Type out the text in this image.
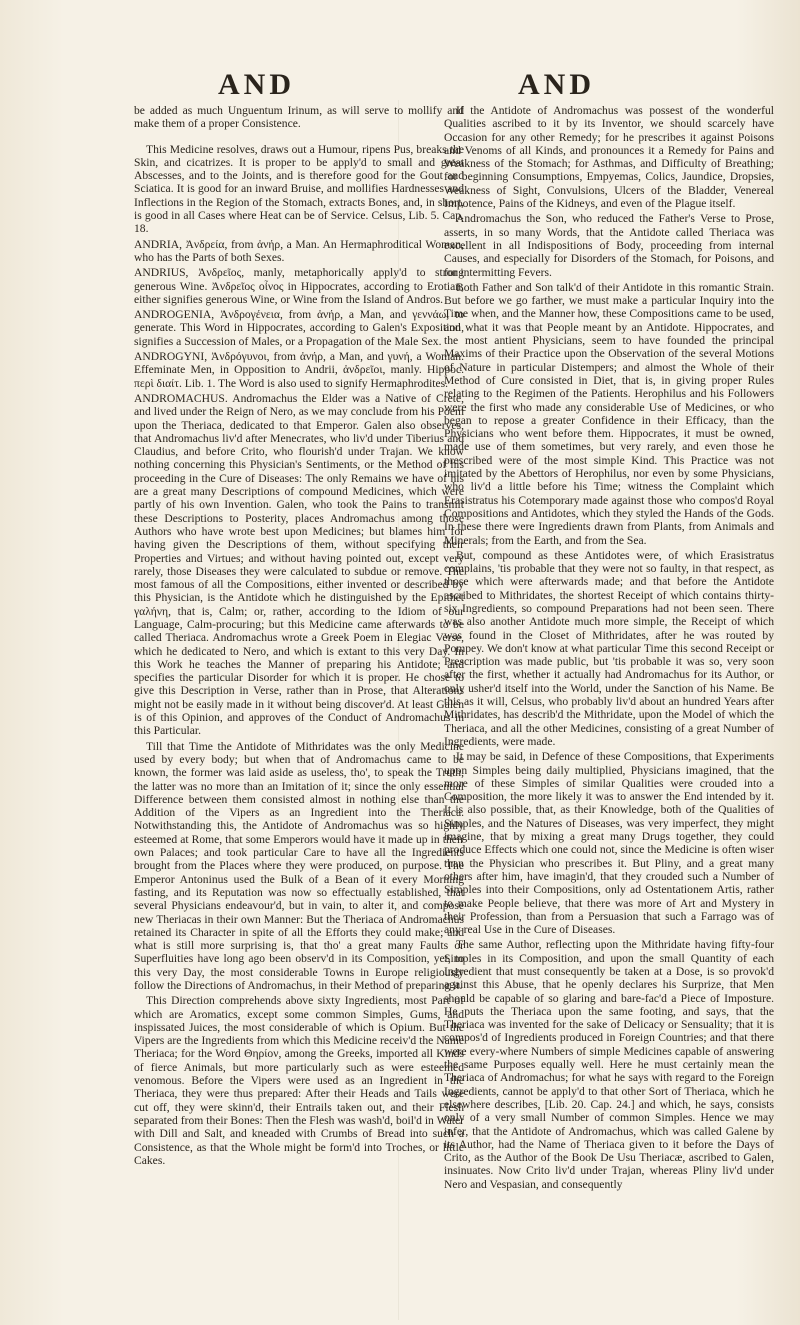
AND	AND

be added as much Unguentum Irinum, as will serve to mollify and make them of a proper Consistence.

This Medicine resolves, draws out a Humour, ripens Pus, breaks the Skin, and cicatrizes. It is proper to be apply'd to small and great Abscesses, and to the Joints, and is therefore good for the Gout and Sciatica. It is good for an inward Bruise, and mollifies Hardnesses and Inflections in the Region of the Stomach, extracts Bones, and, in short, is good in all Cases where Heat can be of Service. Celsus, Lib. 5. Cap. 18.

ANDRIA, Ἀνδρεία, from ἀνήρ, a Man. An Hermaphroditical Woman, who has the Parts of both Sexes.

ANDRIUS, Ἀνδρεῖος, manly, metaphorically apply'd to strong generous Wine. Ἀνδρεῖος οἶνος in Hippocrates, according to Erotian, either signifies generous Wine, or Wine from the Island of Andros.

ANDROGENIA, Ἀνδρογένεια, from ἀνήρ, a Man, and γεννάω, to generate. This Word in Hippocrates, according to Galen's Exposition, signifies a Succession of Males, or a Propagation of the Male Sex.

ANDROGYNI, Ἀνδρόγυνοι, from ἀνήρ, a Man, and γυνή, a Woman. Effeminate Men, in Opposition to Andrii, ἀνδρεῖοι, manly. Hippoc. περὶ διαίτ. Lib. 1. The Word is also used to signify Hermaphrodites.

ANDROMACHUS. Andromachus the Elder was a Native of Crete, and lived under the Reign of Nero, as we may conclude from his Poem upon the Theriaca, dedicated to that Emperor. Galen also observes, that Andromachus liv'd after Menecrates, who liv'd under Tiberius and Claudius, and before Crito, who flourish'd under Trajan. We know nothing concerning this Physician's Sentiments, or the Method of his proceeding in the Cure of Diseases: The only Remains we have of his are a great many Descriptions of compound Medicines, which were partly of his own Invention. Galen, who took the Pains to transmit these Descriptions to Posterity, places Andromachus among those Authors who have wrote best upon Medicines; but blames him for having given the Descriptions of them, without specifying their Properties and Virtues; and without having pointed out, except very rarely, those Diseases they were calculated to subdue or remove. The most famous of all the Compositions, either invented or described by this Physician, is the Antidote which he distinguished by the Epithet γαλήνη, that is, Calm; or, rather, according to the Idiom of our Language, Calm-procuring; but this Medicine came afterwards to be called Theriaca. Andromachus wrote a Greek Poem in Elegiac Verse, which he dedicated to Nero, and which is extant to this very Day. In this Work he teaches the Manner of preparing his Antidote; and specifies the particular Disorder for which it is proper. He chose to give this Description in Verse, rather than in Prose, that Alterations might not be easily made in it without being discover'd. At least Galen is of this Opinion, and approves of the Conduct of Andromachus in this Particular.

Till that Time the Antidote of Mithridates was the only Medicine used by every body; but when that of Andromachus came to be known, the former was laid aside as useless, tho', to speak the Truth, the latter was no more than an Imitation of it; since the only essential Difference between them consisted almost in nothing else than the Addition of the Vipers as an Ingredient into the Theriaca. Notwithstanding this, the Antidote of Andromachus was so highly esteemed at Rome, that some Emperors would have it made up in their own Palaces; and took particular Care to have all the Ingredients brought from the Places where they were produced, on purpose. The Emperor Antoninus used the Bulk of a Bean of it every Morning fasting, and its Reputation was now so effectually established, that several Physicians endeavour'd, but in vain, to alter it, and compose new Theriacas in their own Manner: But the Theriaca of Andromachus retained its Character in spite of all the Efforts they could make; and what is still more surprising is, that tho' a great many Faults or Superfluities have long ago been observ'd in its Composition, yet, to this very Day, the most considerable Towns in Europe religiously follow the Directions of Andromachus, in their Method of preparing it.

This Direction comprehends above sixty Ingredients, most Part of which are Aromatics, except some common Simples, Gums, and inspissated Juices, the most considerable of which is Opium. But the Vipers are the Ingredients from which this Medicine receiv'd the Name Theriaca; for the Word Θηρίον, among the Greeks, imported all Kinds of fierce Animals, but more particularly such as were esteemed venomous. Before the Vipers were used as an Ingredient in the Theriaca, they were thus prepared: After their Heads and Tails were cut off, they were skinn'd, their Entrails taken out, and their Flesh separated from their Bones: Then the Flesh was wash'd, boil'd in Water with Dill and Salt, and kneaded with Crumbs of Bread into such a Consistence, as that the Whole might be form'd into Troches, or little Cakes.

If the Antidote of Andromachus was possest of the wonderful Qualities ascribed to it by its Inventor, we should scarcely have Occasion for any other Remedy; for he prescribes it against Poisons and Venoms of all Kinds, and pronounces it a Remedy for Pains and Weakness of the Stomach; for Asthmas, and Difficulty of Breathing; for beginning Consumptions, Empyemas, Colics, Jaundice, Dropsies, Weakness of Sight, Convulsions, Ulcers of the Bladder, Venereal Impotence, Pains of the Kidneys, and even of the Plague itself.

Andromachus the Son, who reduced the Father's Verse to Prose, asserts, in so many Words, that the Antidote called Theriaca was excellent in all Indispositions of Body, proceeding from internal Causes, and especially for Disorders of the Stomach, for Poisons, and for intermitting Fevers.

Both Father and Son talk'd of their Antidote in this romantic Strain. But before we go farther, we must make a particular Inquiry into the Time when, and the Manner how, these Compositions came to be used, and what it was that People meant by an Antidote. Hippocrates, and the most antient Physicians, seem to have founded the principal Maxims of their Practice upon the Observation of the several Motions of Nature in particular Distempers; and almost the Whole of their Method of Cure consisted in Diet, that is, in giving proper Rules relating to the Regimen of the Patients. Herophilus and his Followers were the first who made any considerable Use of Medicines, or who began to repose a greater Confidence in their Efficacy, than the Physicians who went before them. Hippocrates, it must be owned, made use of them sometimes, but very rarely, and even those he prescribed were of the most simple Kind. This Practice was not imitated by the Abettors of Herophilus, nor even by some Physicians, who liv'd a little before his Time; witness the Complaint which Erasistratus his Cotemporary made against those who compos'd Royal Compositions and Antidotes, which they styled the Hands of the Gods. In these there were Ingredients drawn from Plants, from Animals and Minerals; from the Earth, and from the Sea.

But, compound as these Antidotes were, of which Erasistratus complains, 'tis probable that they were not so faulty, in that respect, as those which were afterwards made; and that before the Antidote ascribed to Mithridates, the shortest Receipt of which contains thirty-six Ingredients, so compound Preparations had not been seen. There was also another Antidote much more simple, the Receipt of which was found in the Closet of Mithridates, after he was routed by Pompey. We don't know at what particular Time this second Receipt or Prescription was made public, but 'tis probable it was so, very soon after the first, whether it actually had Andromachus for its Author, or only usher'd itself into the World, under the Sanction of his Name. Be this as it will, Celsus, who probably liv'd about an hundred Years after Mithridates, has describ'd the Mithridate, upon the Model of which the Theriaca, and all the other Medicines, consisting of a great Number of Ingredients, were made.

It may be said, in Defence of these Compositions, that Experiments upon Simples being daily multiplied, Physicians imagined, that the more of these Simples of similar Qualities were crouded into a Composition, the more likely it was to answer the End intended by it. It is also possible, that, as their Knowledge, both of the Qualities of Simples, and the Natures of Diseases, was very imperfect, they might imagine, that by mixing a great many Drugs together, they could produce Effects which one could not, since the Medicine is often wiser than the Physician who prescribes it. But Pliny, and a great many others after him, have imagin'd, that they crouded such a Number of Simples into their Compositions, only ad Ostentationem Artis, rather to make People believe, that there was more of Art and Mystery in their Profession, than from a Persuasion that such a Farrago was of any real Use in the Cure of Diseases.

The same Author, reflecting upon the Mithridate having fifty-four Simples in its Composition, and upon the small Quantity of each Ingredient that must consequently be taken at a Dose, is so provok'd against this Abuse, that he openly declares his Surprize, that Men should be capable of so glaring and bare-fac'd a Piece of Imposture. He puts the Theriaca upon the same footing, and says, that the Theriaca was invented for the sake of Delicacy or Sensuality; that it is compos'd of Ingredients produced in Foreign Countries; and that there were every-where Numbers of simple Medicines capable of answering the same Purposes equally well. Here he must certainly mean the Theriaca of Andromachus; for what he says with regard to the Foreign Ingredients, cannot be apply'd to that other Sort of Theriaca, which he elsewhere describes, [Lib. 20. Cap. 24.] and which, he says, consists only of a very small Number of common Simples. Hence we may infer, that the Antidote of Andromachus, which was called Galene by its Author, had the Name of Theriaca given to it before the Days of Crito, as the Author of the Book De Usu Theriacæ, ascribed to Galen, insinuates. Now Crito liv'd under Trajan, whereas Pliny liv'd under Nero and Vespasian, and consequently
